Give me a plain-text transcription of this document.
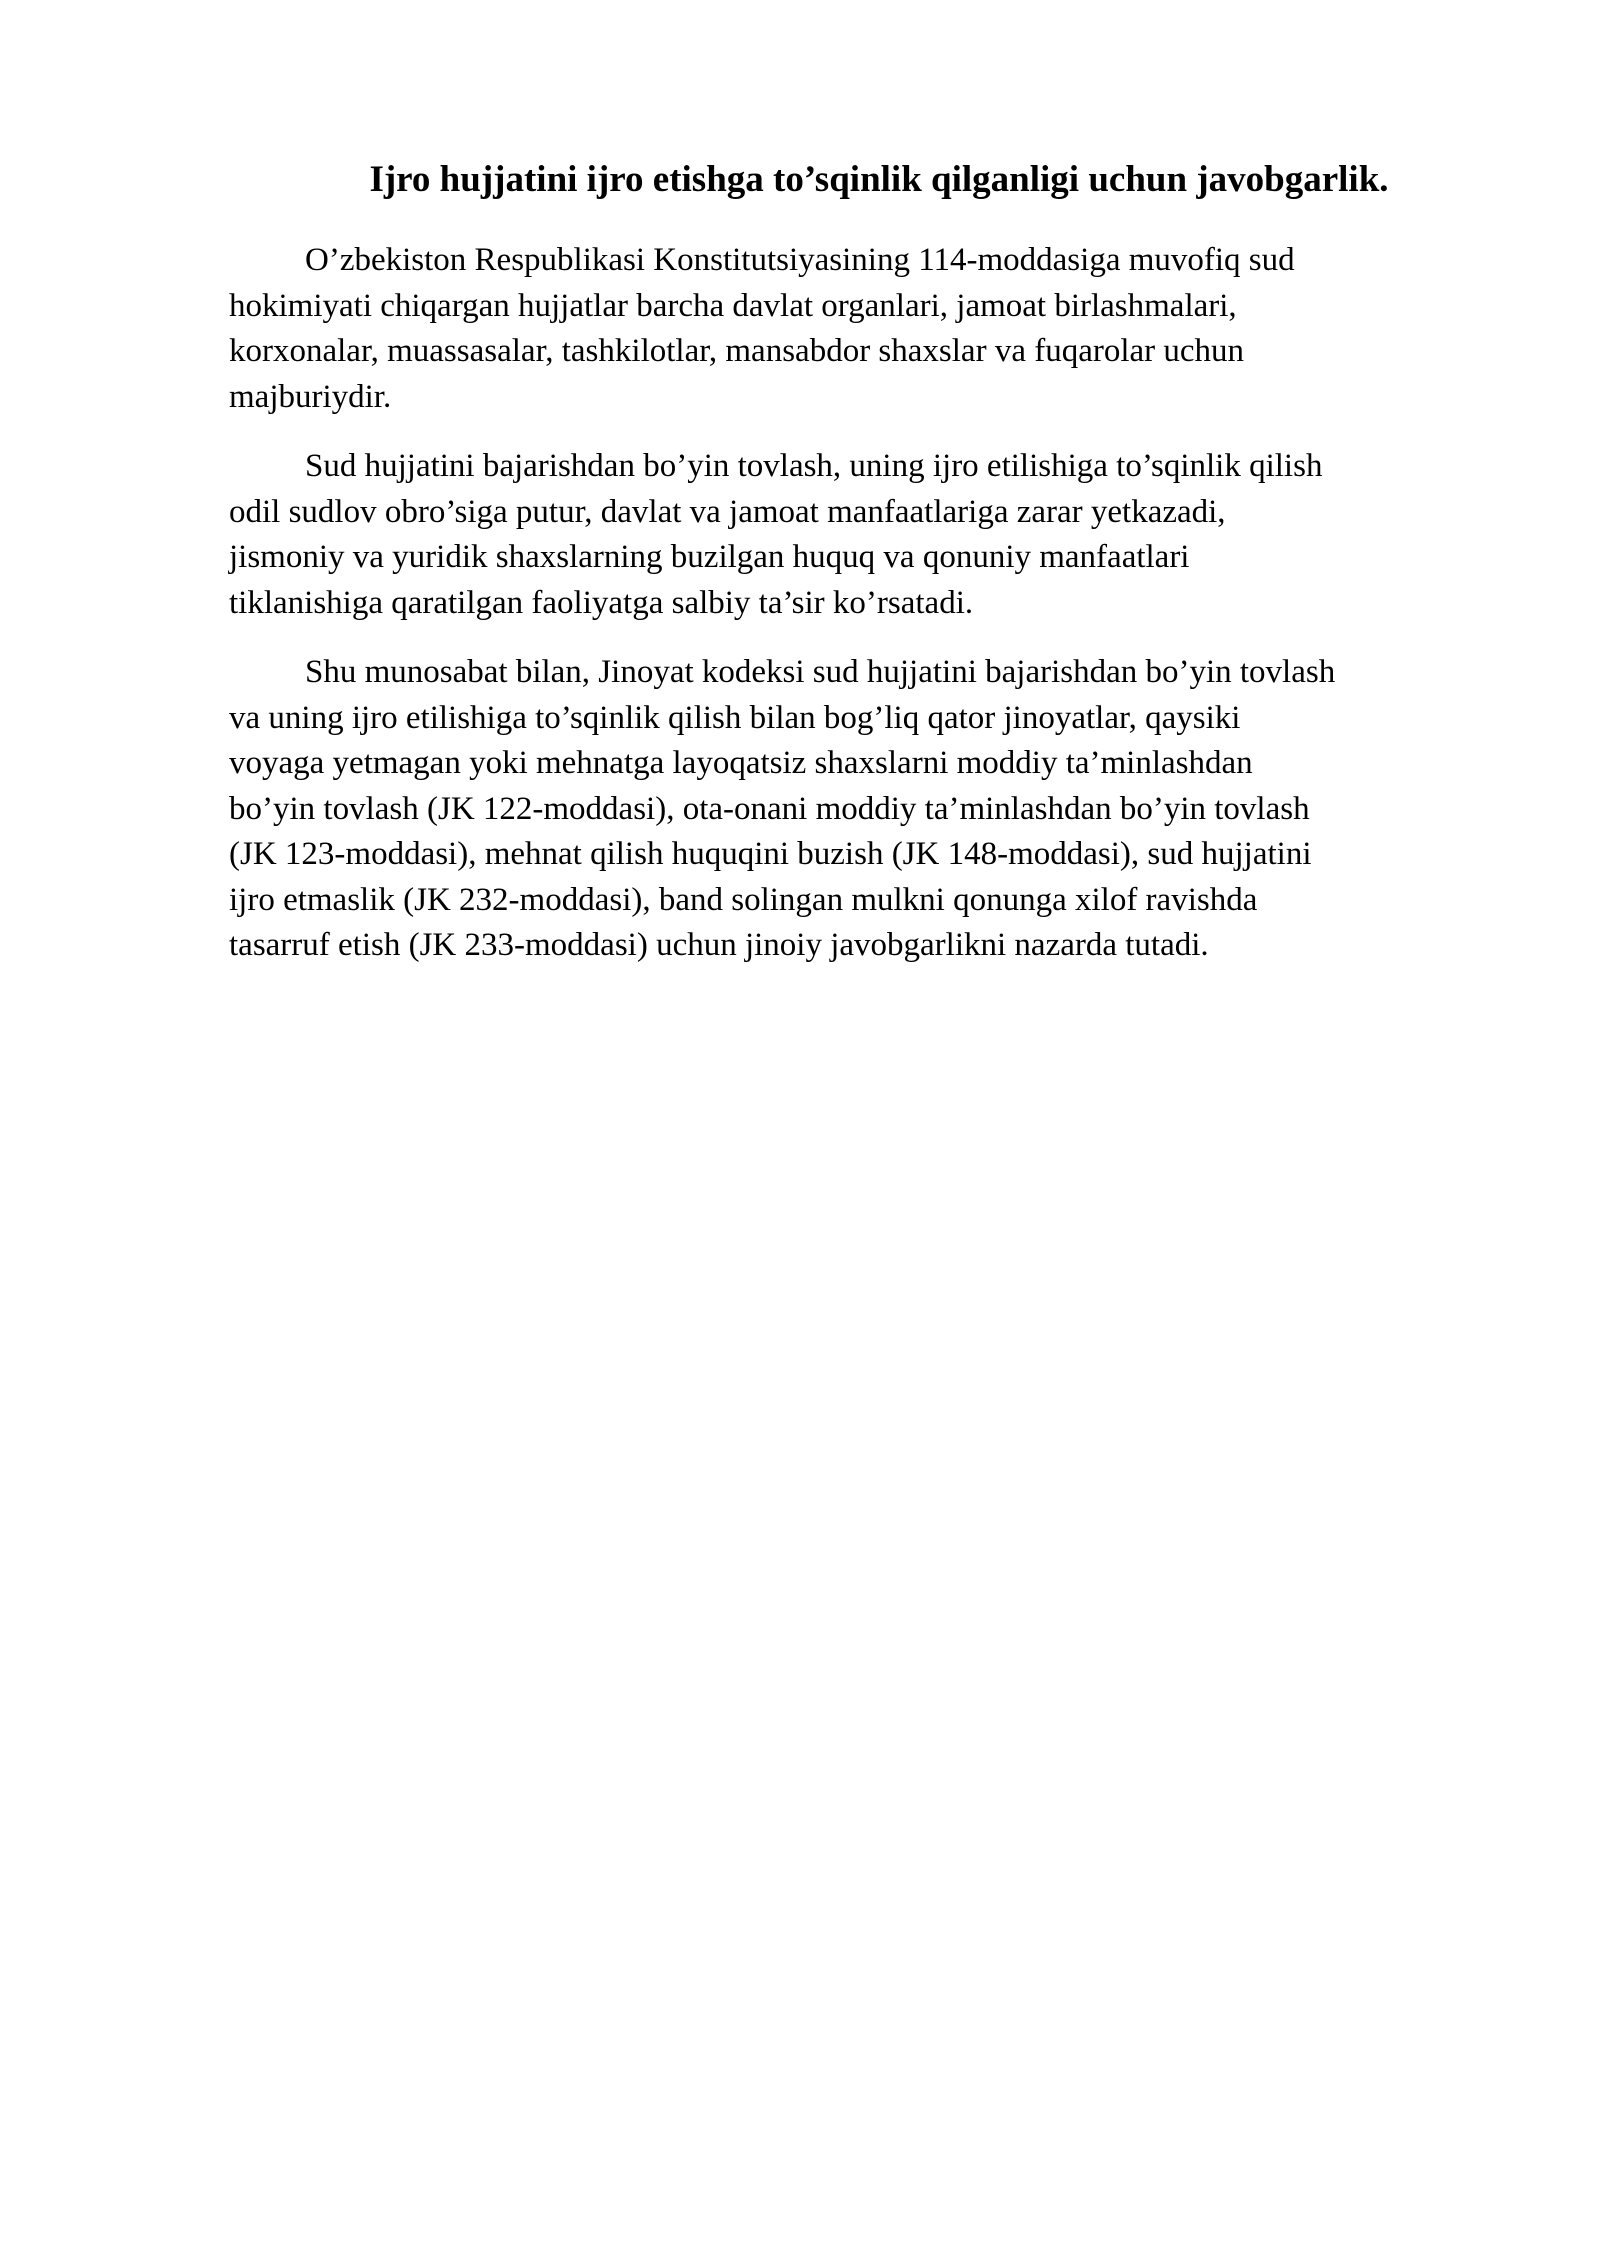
Ijro hujjatini ijro etishga to’sqinlik qilganligi uchun javobgarlik.

O’zbekiston Respublikasi Konstitutsiyasining 114-moddasiga muvofiq sud
hokimiyati chiqargan hujjatlar barcha davlat organlari, jamoat birlashmalari,
korxonalar, muassasalar, tashkilotlar, mansabdor shaxslar va fuqarolar uchun
majburiydir.

Sud hujjatini bajarishdan bo’yin tovlash, uning ijro etilishiga to’sqinlik qilish
odil sudlov obro’siga putur, davlat va jamoat manfaatlariga zarar yetkazadi,
jismoniy va yuridik shaxslarning buzilgan huquq va qonuniy manfaatlari
tiklanishiga qaratilgan faoliyatga salbiy ta’sir ko’rsatadi.

Shu munosabat bilan, Jinoyat kodeksi sud hujjatini bajarishdan bo’yin tovlash
va uning ijro etilishiga to’sqinlik qilish bilan bog’liq qator jinoyatlar, qaysiki
voyaga yetmagan yoki mehnatga layoqatsiz shaxslarni moddiy ta’minlashdan
bo’yin tovlash (JK 122-moddasi), ota-onani moddiy ta’minlashdan bo’yin tovlash
(JK 123-moddasi), mehnat qilish huquqini buzish (JK 148-moddasi), sud hujjatini
ijro etmaslik (JK 232-moddasi), band solingan mulkni qonunga xilof ravishda
tasarruf etish (JK 233-moddasi) uchun jinoiy javobgarlikni nazarda tutadi.
